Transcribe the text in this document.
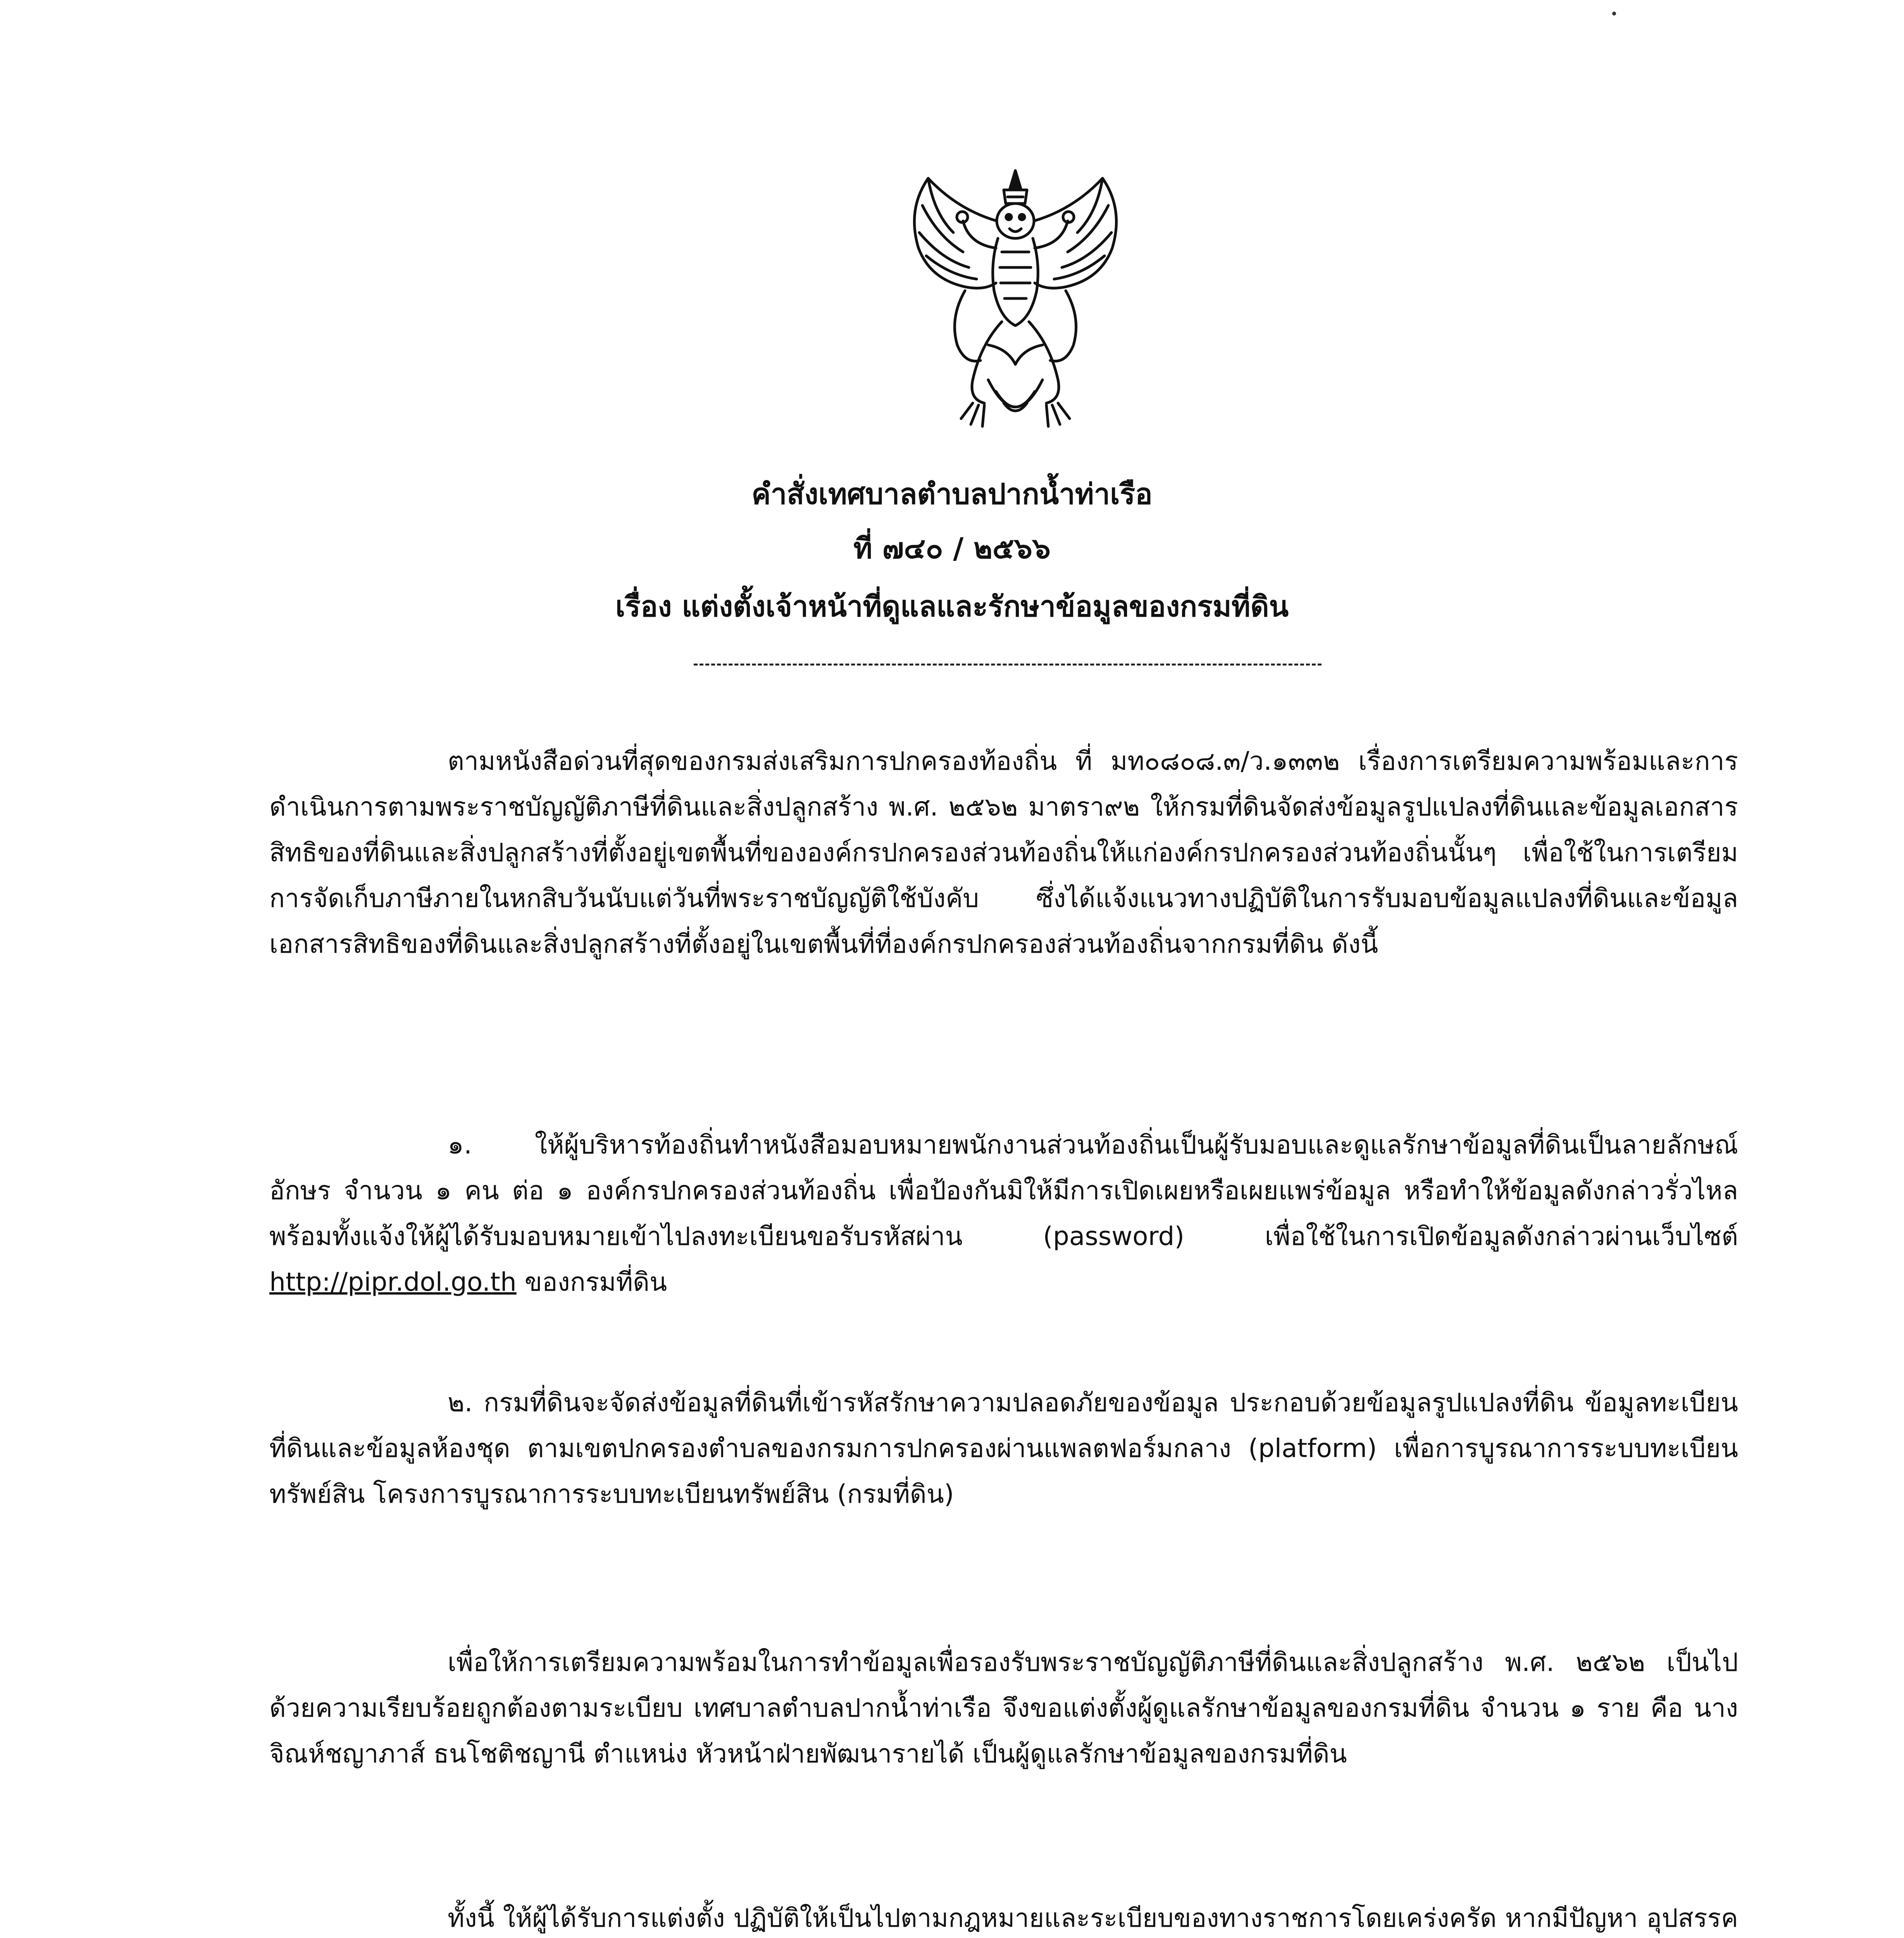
คำสั่งเทศบาลตำบลปากน้ำท่าเรือ
ที่ ๗๔๐ / ๒๕๖๖
เรื่อง แต่งตั้งเจ้าหน้าที่ดูแลและรักษาข้อมูลของกรมที่ดิน
ตามหนังสือด่วนที่สุดของกรมส่งเสริมการปกครองท้องถิ่น ที่ มท๐๘๐๘.๓/ว.๑๓๓๒ เรื่องการเตรียมความพร้อมและการดำเนินการตามพระราชบัญญัติภาษีที่ดินและสิ่งปลูกสร้าง พ.ศ. ๒๕๖๒ มาตรา๙๒ ให้กรมที่ดินจัดส่งข้อมูลรูปแปลงที่ดินและข้อมูลเอกสารสิทธิของที่ดินและสิ่งปลูกสร้างที่ตั้งอยู่เขตพื้นที่ขององค์กรปกครองส่วนท้องถิ่นให้แก่องค์กรปกครองส่วนท้องถิ่นนั้นๆ เพื่อใช้ในการเตรียมการจัดเก็บภาษีภายในหกสิบวันนับแต่วันที่พระราชบัญญัติใช้บังคับ ซึ่งได้แจ้งแนวทางปฏิบัติในการรับมอบข้อมูลแปลงที่ดินและข้อมูลเอกสารสิทธิของที่ดินและสิ่งปลูกสร้างที่ตั้งอยู่ในเขตพื้นที่ที่องค์กรปกครองส่วนท้องถิ่นจากกรมที่ดิน ดังนี้
๑. ให้ผู้บริหารท้องถิ่นทำหนังสือมอบหมายพนักงานส่วนท้องถิ่นเป็นผู้รับมอบและดูแลรักษาข้อมูลที่ดินเป็นลายลักษณ์อักษร จำนวน ๑ คน ต่อ ๑ องค์กรปกครองส่วนท้องถิ่น เพื่อป้องกันมิให้มีการเปิดเผยหรือเผยแพร่ข้อมูล หรือทำให้ข้อมูลดังกล่าวรั่วไหล พร้อมทั้งแจ้งให้ผู้ได้รับมอบหมายเข้าไปลงทะเบียนขอรับรหัสผ่าน (password) เพื่อใช้ในการเปิดข้อมูลดังกล่าวผ่านเว็บไซต์ http://pipr.dol.go.th ของกรมที่ดิน
๒. กรมที่ดินจะจัดส่งข้อมูลที่ดินที่เข้ารหัสรักษาความปลอดภัยของข้อมูล ประกอบด้วยข้อมูลรูปแปลงที่ดิน ข้อมูลทะเบียนที่ดินและข้อมูลห้องชุด ตามเขตปกครองตำบลของกรมการปกครองผ่านแพลตฟอร์มกลาง (platform) เพื่อการบูรณาการระบบทะเบียนทรัพย์สิน โครงการบูรณาการระบบทะเบียนทรัพย์สิน (กรมที่ดิน)
เพื่อให้การเตรียมความพร้อมในการทำข้อมูลเพื่อรองรับพระราชบัญญัติภาษีที่ดินและสิ่งปลูกสร้าง พ.ศ. ๒๕๖๒ เป็นไปด้วยความเรียบร้อยถูกต้องตามระเบียบ เทศบาลตำบลปากน้ำท่าเรือ จึงขอแต่งตั้งผู้ดูแลรักษาข้อมูลของกรมที่ดิน จำนวน ๑ ราย คือ นางจิณห์ชญาภาส์ ธนโชติชญานี ตำแหน่ง หัวหน้าฝ่ายพัฒนารายได้ เป็นผู้ดูแลรักษาข้อมูลของกรมที่ดิน
ทั้งนี้ ให้ผู้ได้รับการแต่งตั้ง ปฏิบัติให้เป็นไปตามกฎหมายและระเบียบของทางราชการโดยเคร่งครัด หากมีปัญหา อุปสรรค
